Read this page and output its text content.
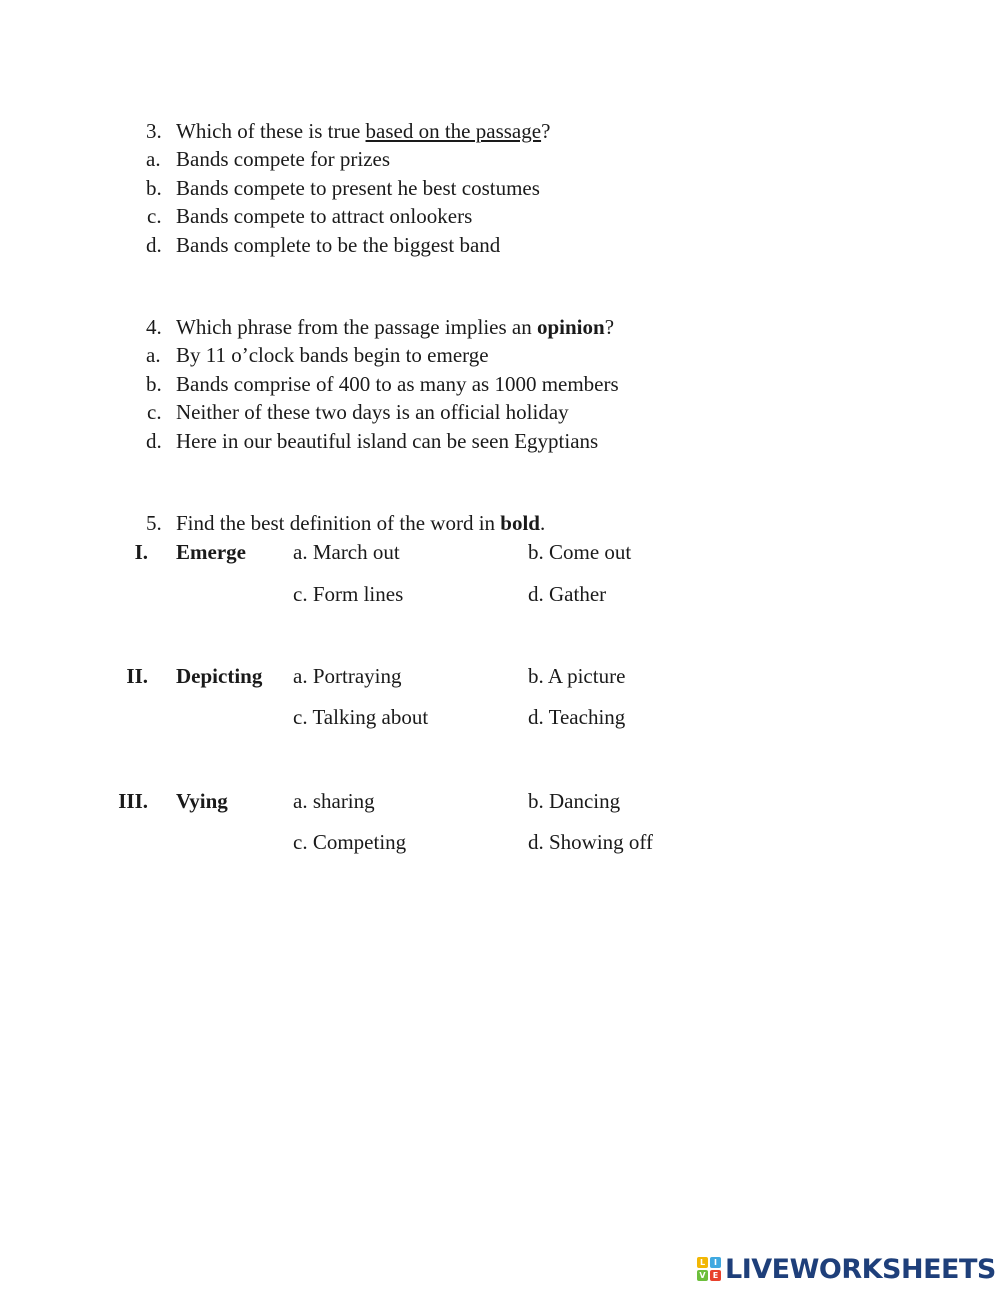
3. Which of these is true based on the passage?
a. Bands compete for prizes
b. Bands compete to present he best costumes
c. Bands compete to attract onlookers
d. Bands complete to be the biggest band
4. Which phrase from the passage implies an opinion?
a. By 11 o’clock bands begin to emerge
b. Bands comprise of 400 to as many as 1000 members
c. Neither of these two days is an official holiday
d. Here in our beautiful island can be seen Egyptians
5. Find the best definition of the word in bold.
I. Emerge a. March out	b. Come out
c. Form lines	d. Gather
II. Depicting a. Portraying	b. A picture
c. Talking about	d. Teaching
III. Vying	a. sharing	b. Dancing
c. Competing	d. Showing off
L	I
V E LIVEWORKSHEETS
